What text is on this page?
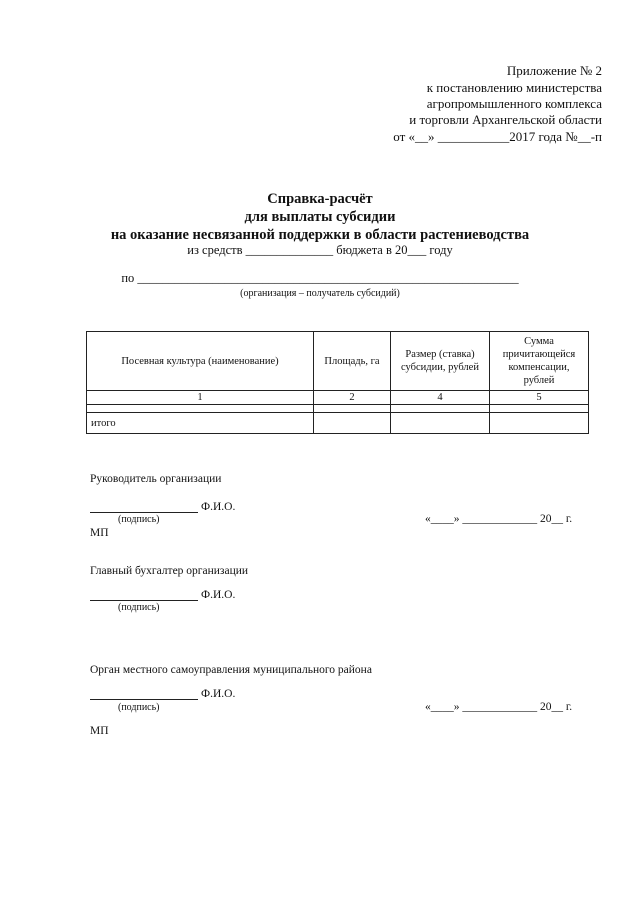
Приложение № 2
к постановлению министерства
агропромышленного комплекса
и торговли Архангельской области
от «__» ___________2017 года №__-п
Справка-расчёт
для выплаты субсидии
на оказание несвязанной поддержки в области растениеводства
из средств ______________ бюджета в 20___ году
по _____________________________________________________________
(организация – получатель субсидий)
Посевная культура (наименование)	Площадь, га	Размер (ставка) субсидии, рублей	Сумма причитающейся компенсации, рублей
1	2	4	5

итого			
Руководитель организации
Ф.И.О.
(подпись)	«____» _____________ 20__ г.
МП
Главный бухгалтер организации
Ф.И.О.
(подпись)
Орган местного самоуправления муниципального района
Ф.И.О.
(подпись)	«____» _____________ 20__ г.
МП
